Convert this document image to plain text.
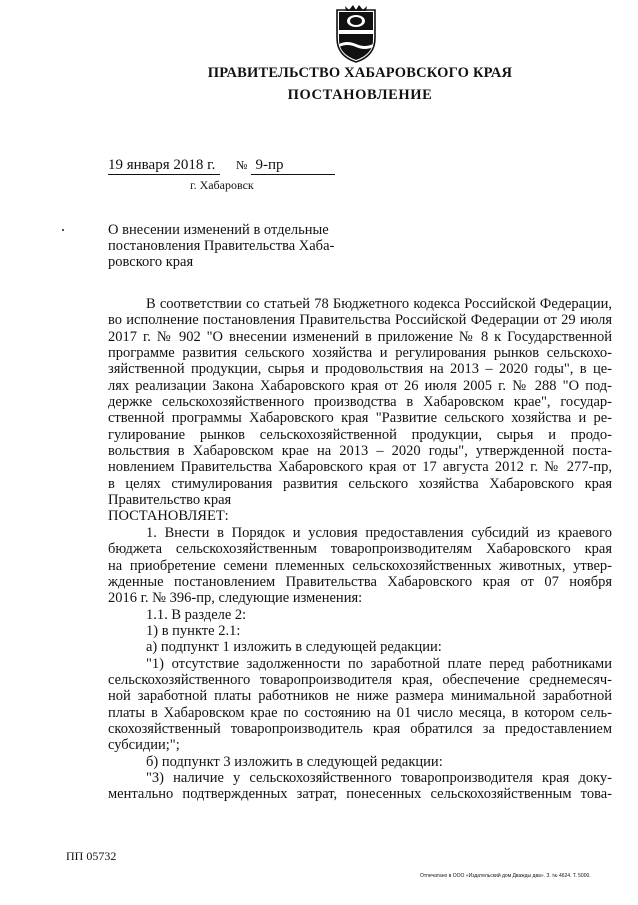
ПРАВИТЕЛЬСТВО ХАБАРОВСКОГО КРАЯ
ПОСТАНОВЛЕНИЕ
19 января 2018 г. № 9-пр
г. Хабаровск
О внесении изменений в отдельные
постановления Правительства Хаба-
ровского края
В соответствии со статьей 78 Бюджетного кодекса Российской Федерации,
во исполнение постановления Правительства Российской Федерации от 29 июля
2017 г. № 902 "О внесении изменений в приложение № 8 к Государственной
программе развития сельского хозяйства и регулирования рынков сельскохо-
зяйственной продукции, сырья и продовольствия на 2013 – 2020 годы", в це-
лях реализации Закона Хабаровского края от 26 июля 2005 г. № 288 "О под-
держке сельскохозяйственного производства в Хабаровском крае", государ-
ственной программы Хабаровского края "Развитие сельского хозяйства и ре-
гулирование рынков сельскохозяйственной продукции, сырья и продо-
вольствия в Хабаровском крае на 2013 – 2020 годы", утвержденной поста-
новлением Правительства Хабаровского края от 17 августа 2012 г. № 277-пр,
в целях стимулирования развития сельского хозяйства Хабаровского края
Правительство края
ПОСТАНОВЛЯЕТ:
1. Внести в Порядок и условия предоставления субсидий из краевого
бюджета сельскохозяйственным товаропроизводителям Хабаровского края
на приобретение семени племенных сельскохозяйственных животных, утвер-
жденные постановлением Правительства Хабаровского края от 07 ноября
2016 г. № 396-пр, следующие изменения:
1.1. В разделе 2:
1) в пункте 2.1:
а) подпункт 1 изложить в следующей редакции:
"1) отсутствие задолженности по заработной плате перед работниками
сельскохозяйственного товаропроизводителя края, обеспечение среднемесяч-
ной заработной платы работников не ниже размера минимальной заработной
платы в Хабаровском крае по состоянию на 01 число месяца, в котором сель-
скохозяйственный товаропроизводитель края обратился за предоставлением
субсидии;";
б) подпункт 3 изложить в следующей редакции:
"3) наличие у сельскохозяйственного товаропроизводителя края доку-
ментально подтвержденных затрат, понесенных сельскохозяйственным това-
ПП 05732
Отпечатано в ООО «Издательский дом Дважды два». З. № 4624. Т. 5000.
